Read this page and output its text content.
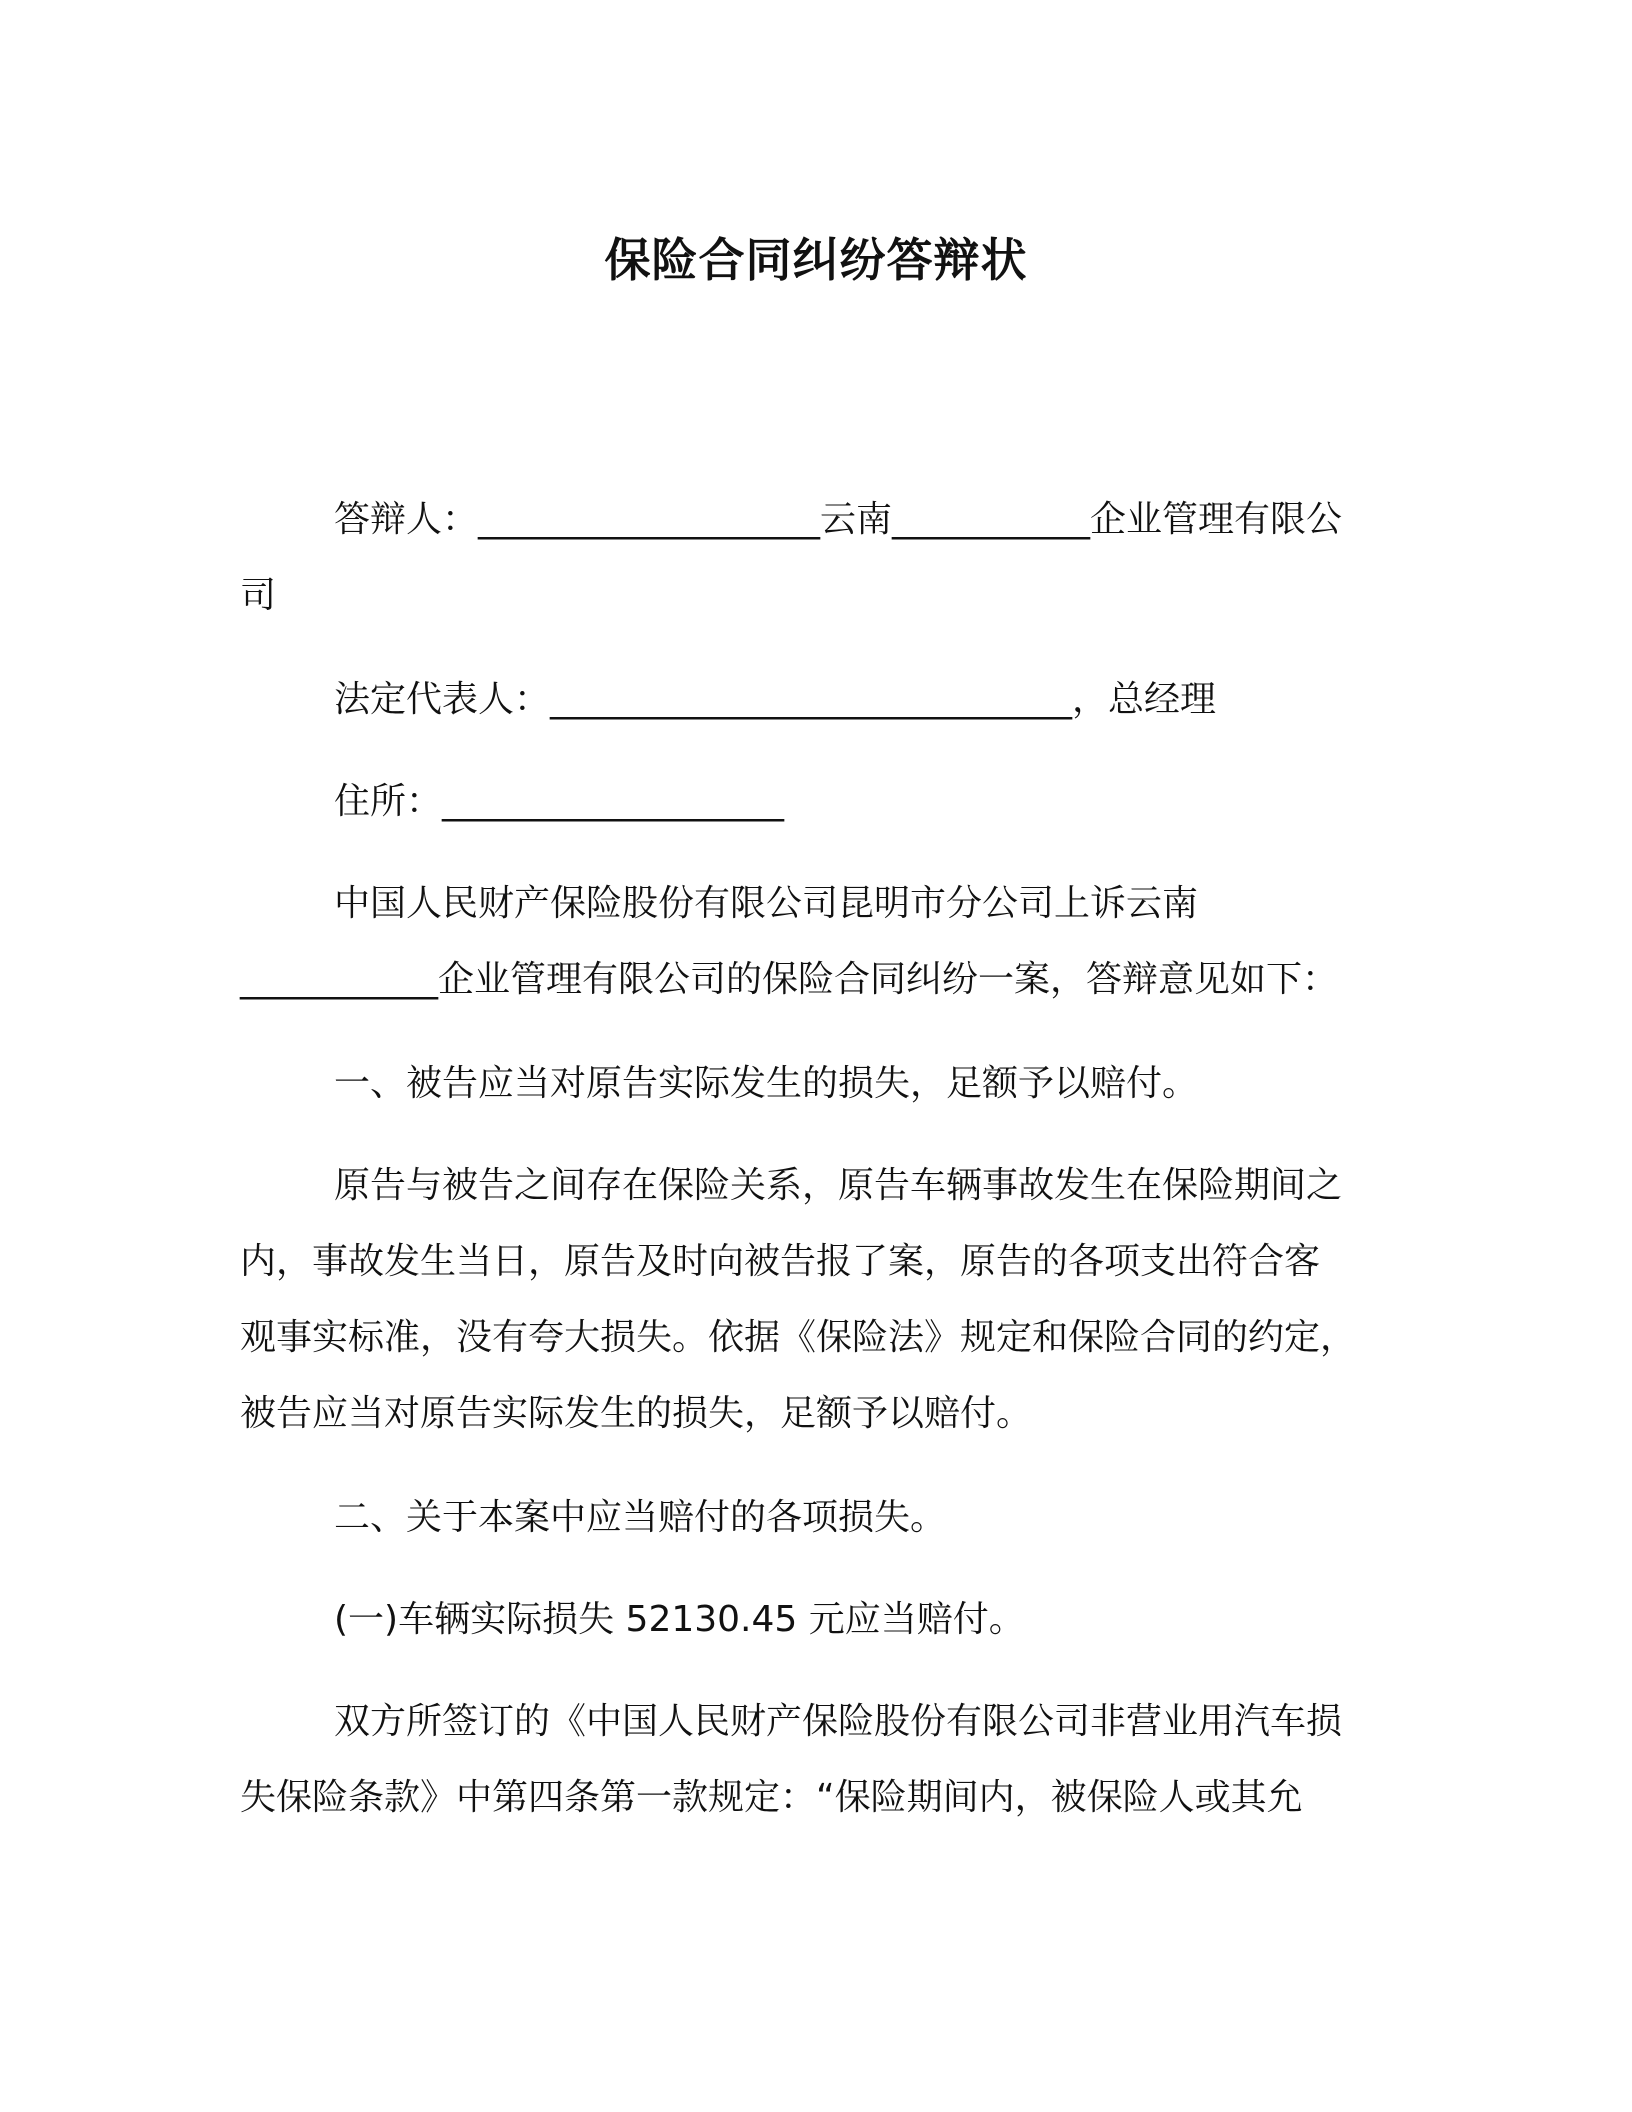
保险合同纠纷答辩状
答辩人：___________________云南___________企业管理有限公
司
法定代表人：_____________________________，总经理
住所：___________________
中国人民财产保险股份有限公司昆明市分公司上诉云南
___________企业管理有限公司的保险合同纠纷一案，答辩意见如下：
一、被告应当对原告实际发生的损失，足额予以赔付。
原告与被告之间存在保险关系，原告车辆事故发生在保险期间之
内，事故发生当日，原告及时向被告报了案，原告的各项支出符合客
观事实标准，没有夸大损失。依据《保险法》规定和保险合同的约定，
被告应当对原告实际发生的损失，足额予以赔付。
二、关于本案中应当赔付的各项损失。
(一)车辆实际损失 52130.45 元应当赔付。
双方所签订的《中国人民财产保险股份有限公司非营业用汽车损
失保险条款》中第四条第一款规定：“保险期间内，被保险人或其允
